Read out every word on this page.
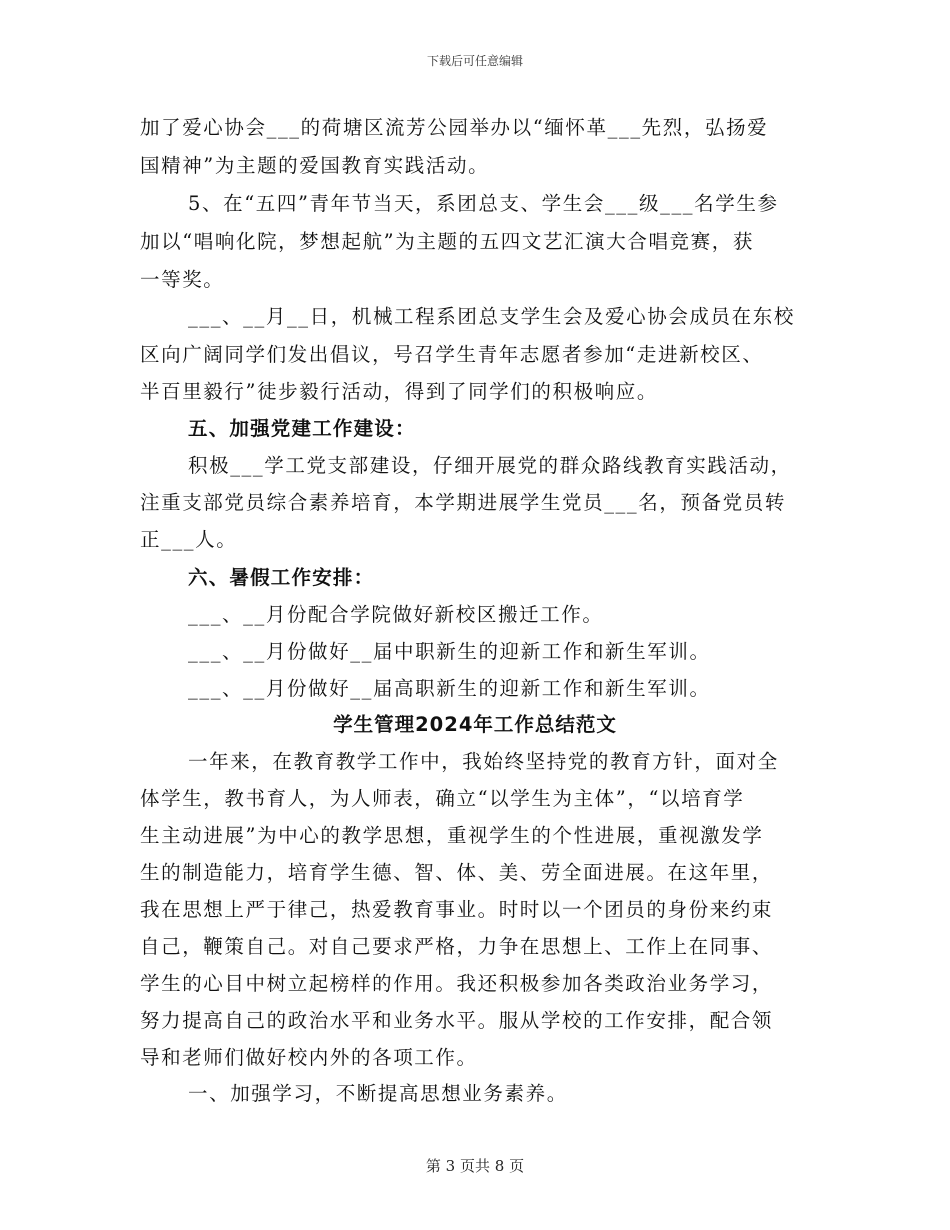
下载后可任意编辑
加了爱心协会___的荷塘区流芳公园举办以“缅怀革___先烈，弘扬爱
国精神”为主题的爱国教育实践活动。
5、在“五四”青年节当天，系团总支、学生会___级___名学生参
加以“唱响化院，梦想起航”为主题的五四文艺汇演大合唱竞赛，获
一等奖。
___、__月__日，机械工程系团总支学生会及爱心协会成员在东校
区向广阔同学们发出倡议，号召学生青年志愿者参加“走进新校区、
半百里毅行”徒步毅行活动，得到了同学们的积极响应。
五、加强党建工作建设：
积极___学工党支部建设，仔细开展党的群众路线教育实践活动，
注重支部党员综合素养培育，本学期进展学生党员___名，预备党员转
正___人。
六、暑假工作安排：
___、__月份配合学院做好新校区搬迁工作。
___、__月份做好__届中职新生的迎新工作和新生军训。
___、__月份做好__届高职新生的迎新工作和新生军训。
学生管理2024年工作总结范文
一年来，在教育教学工作中，我始终坚持党的教育方针，面对全
体学生，教书育人，为人师表，确立“以学生为主体”，“以培育学
生主动进展”为中心的教学思想，重视学生的个性进展，重视激发学
生的制造能力，培育学生德、智、体、美、劳全面进展。在这年里，
我在思想上严于律己，热爱教育事业。时时以一个团员的身份来约束
自己，鞭策自己。对自己要求严格，力争在思想上、工作上在同事、
学生的心目中树立起榜样的作用。我还积极参加各类政治业务学习，
努力提高自己的政治水平和业务水平。服从学校的工作安排，配合领
导和老师们做好校内外的各项工作。
一、加强学习，不断提高思想业务素养。
第 3 页共 8 页
